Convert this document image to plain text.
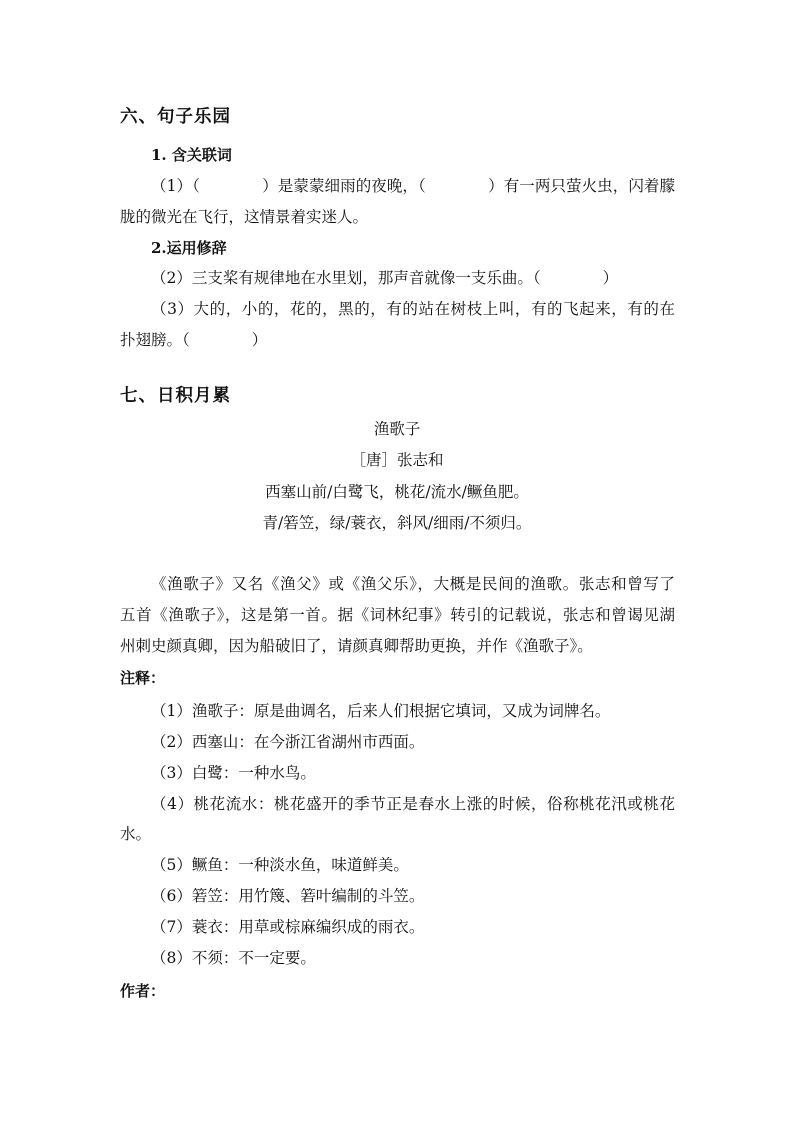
六、句子乐园
1. 含关联词
（1）（　　　　）是蒙蒙细雨的夜晚，（　　　　）有一两只萤火虫，闪着朦
胧的微光在飞行，这情景着实迷人。
2.运用修辞
（2）三支桨有规律地在水里划，那声音就像一支乐曲。（　　　　）
（3）大的，小的，花的，黑的，有的站在树枝上叫，有的飞起来，有的在
扑翅膀。（　　　　）
七、日积月累
渔歌子
［唐］张志和
西塞山前/白鹭飞，桃花/流水/鳜鱼肥。
青/箬笠，绿/蓑衣，斜风/细雨/不须归。
《渔歌子》又名《渔父》或《渔父乐》，大概是民间的渔歌。张志和曾写了
五首《渔歌子》，这是第一首。据《词林纪事》转引的记载说，张志和曾谒见湖
州刺史颜真卿，因为船破旧了，请颜真卿帮助更换，并作《渔歌子》。
注释：
（1）渔歌子：原是曲调名，后来人们根据它填词，又成为词牌名。
（2）西塞山：在今浙江省湖州市西面。
（3）白鹭：一种水鸟。
（4）桃花流水：桃花盛开的季节正是春水上涨的时候，俗称桃花汛或桃花
水。
（5）鳜鱼：一种淡水鱼，味道鲜美。
（6）箬笠：用竹篾、箬叶编制的斗笠。
（7）蓑衣：用草或棕麻编织成的雨衣。
（8）不须：不一定要。
作者：
